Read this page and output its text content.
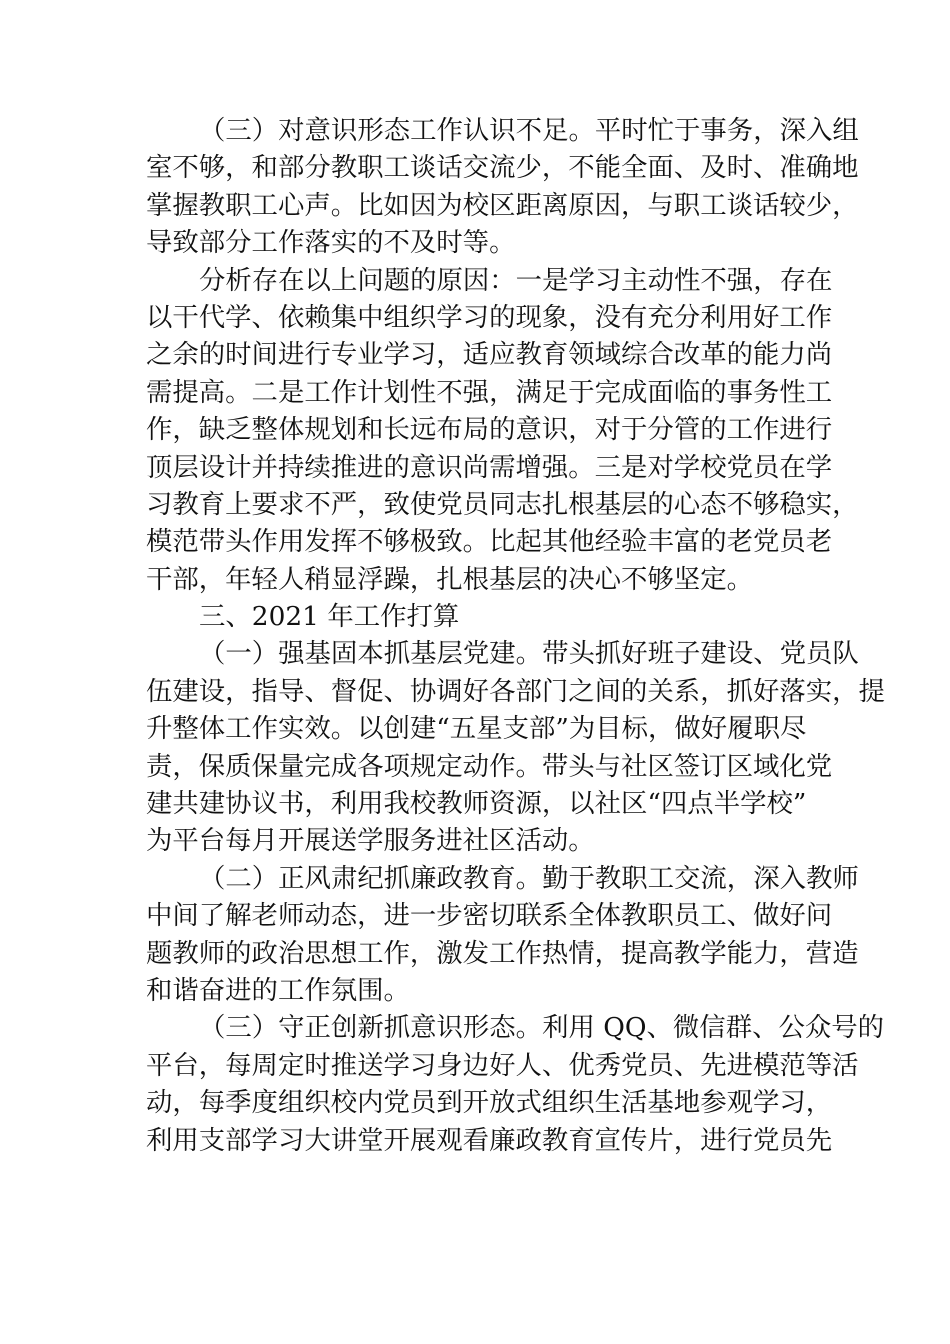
（三）对意识形态工作认识不足。平时忙于事务，深入组
室不够，和部分教职工谈话交流少，不能全面、及时、准确地
掌握教职工心声。比如因为校区距离原因，与职工谈话较少，
导致部分工作落实的不及时等。
分析存在以上问题的原因：一是学习主动性不强，存在
以干代学、依赖集中组织学习的现象，没有充分利用好工作
之余的时间进行专业学习，适应教育领域综合改革的能力尚
需提高。二是工作计划性不强，满足于完成面临的事务性工
作，缺乏整体规划和长远布局的意识，对于分管的工作进行
顶层设计并持续推进的意识尚需增强。三是对学校党员在学
习教育上要求不严，致使党员同志扎根基层的心态不够稳实，
模范带头作用发挥不够极致。比起其他经验丰富的老党员老
干部，年轻人稍显浮躁，扎根基层的决心不够坚定。
三、2021 年工作打算
（一）强基固本抓基层党建。带头抓好班子建设、党员队
伍建设，指导、督促、协调好各部门之间的关系，抓好落实，提
升整体工作实效。以创建“五星支部”为目标，做好履职尽
责，保质保量完成各项规定动作。带头与社区签订区域化党
建共建协议书，利用我校教师资源，以社区“四点半学校”
为平台每月开展送学服务进社区活动。
（二）正风肃纪抓廉政教育。勤于教职工交流，深入教师
中间了解老师动态，进一步密切联系全体教职员工、做好问
题教师的政治思想工作，激发工作热情，提高教学能力，营造
和谐奋进的工作氛围。
（三）守正创新抓意识形态。利用 QQ、微信群、公众号的
平台，每周定时推送学习身边好人、优秀党员、先进模范等活
动，每季度组织校内党员到开放式组织生活基地参观学习，
利用支部学习大讲堂开展观看廉政教育宣传片，进行党员先
